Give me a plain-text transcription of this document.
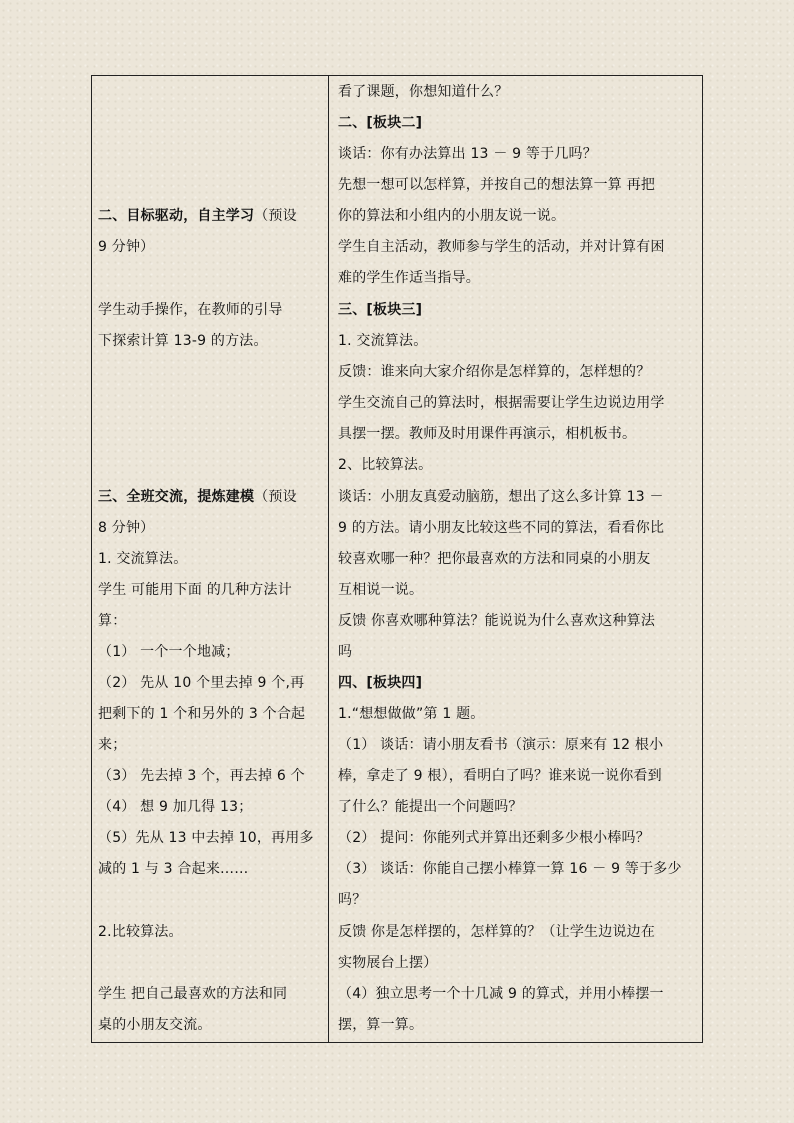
二、目标驱动，自主学习（预设
9 分钟）
学生动手操作，在教师的引导
下探索计算 13-9 的方法。
三、全班交流，提炼建模（预设
8 分钟）
1. 交流算法。
学生 可能用下面 的几种方法计
算：
（1） 一个一个地减；
（2） 先从 10 个里去掉 9 个,再
把剩下的 1 个和另外的 3 个合起
来；
（3） 先去掉 3 个，再去掉 6 个
（4） 想 9 加几得 13；
（5）先从 13 中去掉 10，再用多
减的 1 与 3 合起来……
2.比较算法。
学生 把自己最喜欢的方法和同
桌的小朋友交流。
看了课题，你想知道什么？
二、[板块二]
谈话：你有办法算出 13 － 9 等于几吗？
先想一想可以怎样算，并按自己的想法算一算 再把
你的算法和小组内的小朋友说一说。
学生自主活动，教师参与学生的活动，并对计算有困
难的学生作适当指导。
三、[板块三]
1. 交流算法。
反馈：谁来向大家介绍你是怎样算的，怎样想的？
学生交流自己的算法时，根据需要让学生边说边用学
具摆一摆。教师及时用课件再演示，相机板书。
2、比较算法。
谈话：小朋友真爱动脑筋，想出了这么多计算 13 －
9 的方法。请小朋友比较这些不同的算法，看看你比
较喜欢哪一种？把你最喜欢的方法和同桌的小朋友
互相说一说。
反馈 你喜欢哪种算法？能说说为什么喜欢这种算法
吗
四、[板块四]
1.“想想做做”第 1 题。
（1） 谈话：请小朋友看书（演示：原来有 12 根小
棒，拿走了 9 根），看明白了吗？谁来说一说你看到
了什么？能提出一个问题吗？
（2） 提问：你能列式并算出还剩多少根小棒吗？
（3） 谈话：你能自己摆小棒算一算 16 － 9 等于多少
吗？
反馈 你是怎样摆的，怎样算的？（让学生边说边在
实物展台上摆）
（4）独立思考一个十几减 9 的算式，并用小棒摆一
摆，算一算。
